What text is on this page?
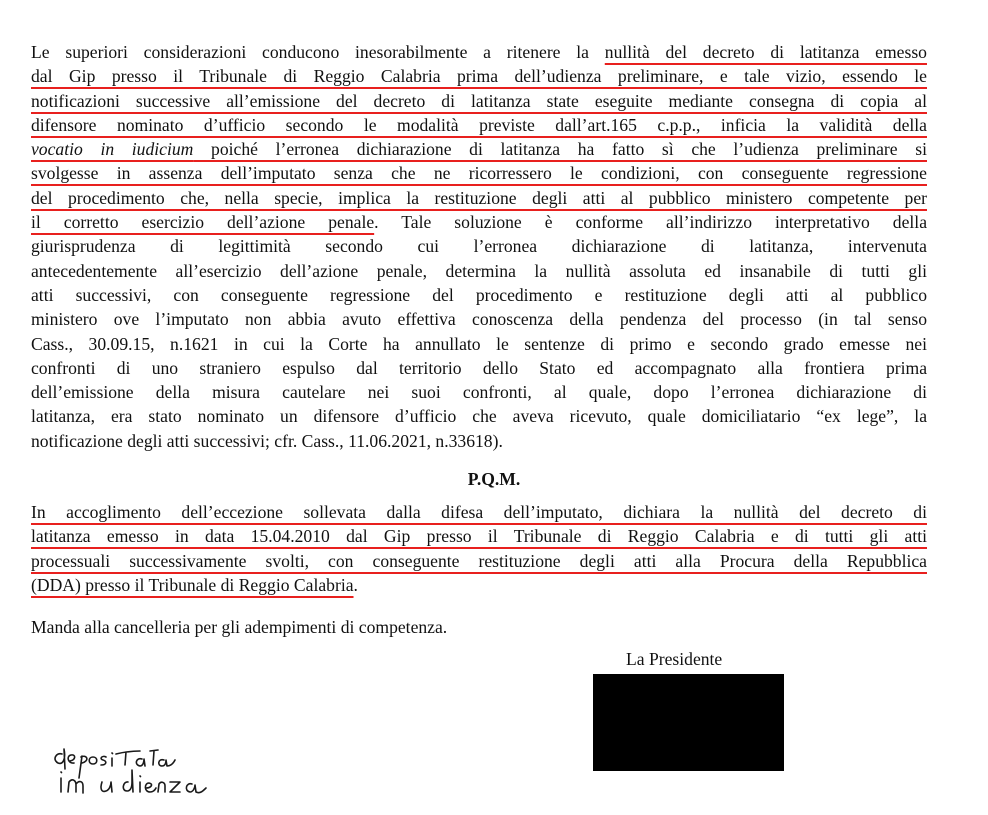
Le superiori considerazioni conducono inesorabilmente a ritenere la nullità del decreto di latitanza emesso
dal Gip presso il Tribunale di Reggio Calabria prima dell’udienza preliminare, e tale vizio, essendo le
notificazioni successive all’emissione del decreto di latitanza state eseguite mediante consegna di copia al
difensore nominato d’ufficio secondo le modalità previste dall’art.165 c.p.p., inficia la validità della
vocatio in iudicium poiché l’erronea dichiarazione di latitanza ha fatto sì che l’udienza preliminare si
svolgesse in assenza dell’imputato senza che ne ricorressero le condizioni, con conseguente regressione
del procedimento che, nella specie, implica la restituzione degli atti al pubblico ministero competente per
il corretto esercizio dell’azione penale. Tale soluzione è conforme all’indirizzo interpretativo della
giurisprudenza di legittimità secondo cui l’erronea dichiarazione di latitanza, intervenuta
antecedentemente all’esercizio dell’azione penale, determina la nullità assoluta ed insanabile di tutti gli
atti successivi, con conseguente regressione del procedimento e restituzione degli atti al pubblico
ministero ove l’imputato non abbia avuto effettiva conoscenza della pendenza del processo (in tal senso
Cass., 30.09.15, n.1621 in cui la Corte ha annullato le sentenze di primo e secondo grado emesse nei
confronti di uno straniero espulso dal territorio dello Stato ed accompagnato alla frontiera prima
dell’emissione della misura cautelare nei suoi confronti, al quale, dopo l’erronea dichiarazione di
latitanza, era stato nominato un difensore d’ufficio che aveva ricevuto, quale domiciliatario “ex lege”, la
notificazione degli atti successivi; cfr. Cass., 11.06.2021, n.33618).
P.Q.M.
In accoglimento dell’eccezione sollevata dalla difesa dell’imputato, dichiara la nullità del decreto di
latitanza emesso in data 15.04.2010 dal Gip presso il Tribunale di Reggio Calabria e di tutti gli atti
processuali successivamente svolti, con conseguente restituzione degli atti alla Procura della Repubblica
(DDA) presso il Tribunale di Reggio Calabria.
Manda alla cancelleria per gli adempimenti di competenza.
La Presidente
